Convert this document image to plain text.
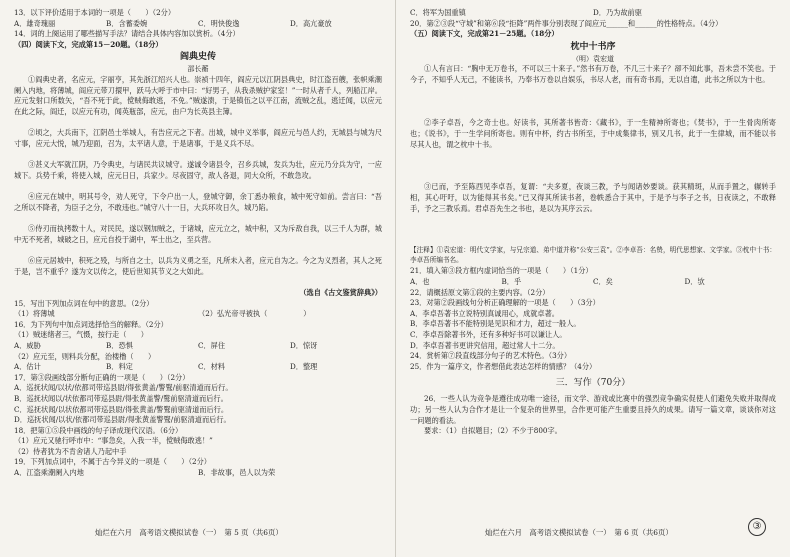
13．以下评价适用于本词的一项是（　　）（2分）

A．雄奇瑰丽	B．含蓄委婉	C．明快俊逸	D．高亢豪放

14．词的上阕运用了哪些描写手法？请结合具体内容加以赏析。（4分）

（四）阅读下文，完成第15－20题。（18分）

阎典史传

邵长蘅

①阎典史者，名应元，字丽亨，其先浙江绍兴人也。崇祯十四年，阎应元以江阴县典史，时江盗百艘，张帜乘潮阑入内地，将薄城，阎应元带刀擐甲，跃马大呼于市中曰：“好男子，从我杀贼护家室！”一时从者千人，列船江岸。应元发射口所数矢，“吾不死于此，傥贼侮敢逃，不免。”贼遂溃，于是镇伍之以平江南，流贼之乱，逃迁闻，以应元在此之际，阎迁，以应元有功，闻英瓶部，应元，由户为长英县主簿。

②顷之，大兵南下，江阴邑士举城人，有告应元之下者。出城，城中义举事，阎应元与邑人约，无城县与城为尺寸事，应元大悦，城乃迎面，召为，太平诸人意，于是诸事，于是义兵不尽。

③甚义大军就江阴，乃令典史，与诸民共议城守。遂诚令诸县令，召乡兵城，发兵为壮，应元乃分兵为守，一应城下。兵势千乘，将使入城，应元日日，兵家少。尽夜固守，敌人各退，同大众所，不敢急攻。

④应元在城中，明其号令，劝人死守，下令户出一人，登城守御，余丁悉办粮食，城中死守如前。尝言曰：“吾之所以不降者，为臣子之分，不敢违也。”城守八十一日，大兵环攻日久，城乃陷。

⑤侍刃而执拷数十人，对民民，遂以钢加贼之，于诸城，应元立之，城中积，又为斥敌自我，以三千人为群，城中无不死者，城破之日，应元自投于湖中，军士出之，至兵营。

⑥应元居城中，积死之殁，与所自之士，以兵为义勇之至，凡所未入者，应元自为之。今之为义烈者，其人之死于是，岂不重乎？遂为文以传之，使后世知其节义之大如此。

（选自《古文鉴赏辞典》）

15．写出下列加点词在句中的意思。（2分）

（1）将薄城　　　　　　　	（2）弘光帝寻被执（　　　　　）

16．为下列句中加点词选择恰当的解释。（2分）

（1）贼迷绪者三，气慑，按行走（　　）

A．威胁	B．恐惧	C．屏住	D．惊讶

（2）应元至，则料兵分配，治楼橹（　　）

A．估计	B．料定	C．材料	D．整理

17．第③段画线部分断句正确的一项是（　　）（2分）

A．巡抚状闻/以状/依都司带巡县尉/得张黄盖/警鹥/前驱清道而后行。

B．巡抚状闻以/状依都司带巡县尉/得张黄盖警/鹥前驱清道而后行。

C．巡抚状闻/以状依都司带巡县尉/得张黄盖/警鹥前驱清道而后行。

D．巡抚状闻/以状/依都司带巡县尉/得张黄盖警鹥/前驱清道而后行。

18．把第①⑤段中画线的句子译成现代汉语。（6分）

（1）应元又驰行呼市中：“事急矣，入我一半，傥贼侮敢逃！”

（2）侍者犹为不肯舍诸人乃起中手

19．下列加点词中，不属于古今异义的一项是（　　）（2分）

A．江盗乘潮阑入内地	B．非故事，邑人以为荣
C．将军为国重镇	D．乃为故前驱

20．第②③段“守城”和第⑥段“拒降”两件事分别表现了阎应元______和______的性格特点。（4分）

（五）阅读下文，完成第21－25题。（18分）

枕中十书序

（明）袁宏道

①人有言曰：“胸中无万卷书，不可以三十来子。”然书有万卷，不几三十来子？卻不知此事，吾未尝不笑也。于今子，不知乎人无己，不能读书，乃奉书万卷以自娱乐，书尽人老，而有奇书焉，无以自遣，此书之所以为十也。

②李子卓吾，今之奇士也。好读书，其所著书皆奇：《藏书》，于一生精神所寄也；《焚书》，于一生骨肉所寄也；《说书》，于一生学问所寄也。则有中杯，约古书所至，于中成集律书，别又几书，此于一生律城，而不能以书尽其人也，谓之枕中十书。

③已而，予至陈西见李卓吾，复谓：“夫多夏，夜谈三教，予与闻诸妙要谈。获其精斑，从而手置之，辗转手相，其心吁吁，以为能得其书矣。”已又得其所读书者，卷帙悉合于其中，于是予与李子之书，日夜读之，不敢释手，予之三教乐焉。君卓吾先生之书也，是以为其序云云。

【注释】①袁宏道：明代文学家，与兄宗道、弟中道并称“公安三袁”。②李卓吾：名贽，明代思想家、文学家。③枕中十书：李卓吾所编书名。

21．填入第③段方框内虚词恰当的一项是（　　）（1分）

A．也	B．乎	C．矣	D．欤

22．请概括原文第①段的主要内容。（2分）

23．对第②段画线句分析正确理解的一项是（　　）（3分）

A．李卓吾著书立说特别真诚用心，成就卓著。

B．李卓吾著书不能特别是见识和才力，超过一般人。

C．李卓吾除著书外，还有多种好书可以谦让人。

D．李卓吾著书更讲究信用，超过常人十二分。

24．赏析第⑦段直线部分句子的艺术特色。（3分）

25．作为一篇序文，作者想借此表达怎样的情感？（4分）

三．写作（70分）

26．一些人认为竞争是遵往成功唯一途径，而文学、游戏或比赛中的强烈竞争确实促使人们避免失败并取得成功；另一些人认为合作才是让一个复杂的世界里，合作更可能产生重要且持久的成果。请写一篇文章，谈谈你对这一问题的看法。

要求：（1）自拟题目；（2）不少于800字。

灿烂在六月　高考语文模拟试卷（一）　第 5 页（共6页）	灿烂在六月　高考语文模拟试卷（一）　第 6 页（共6页）
③
